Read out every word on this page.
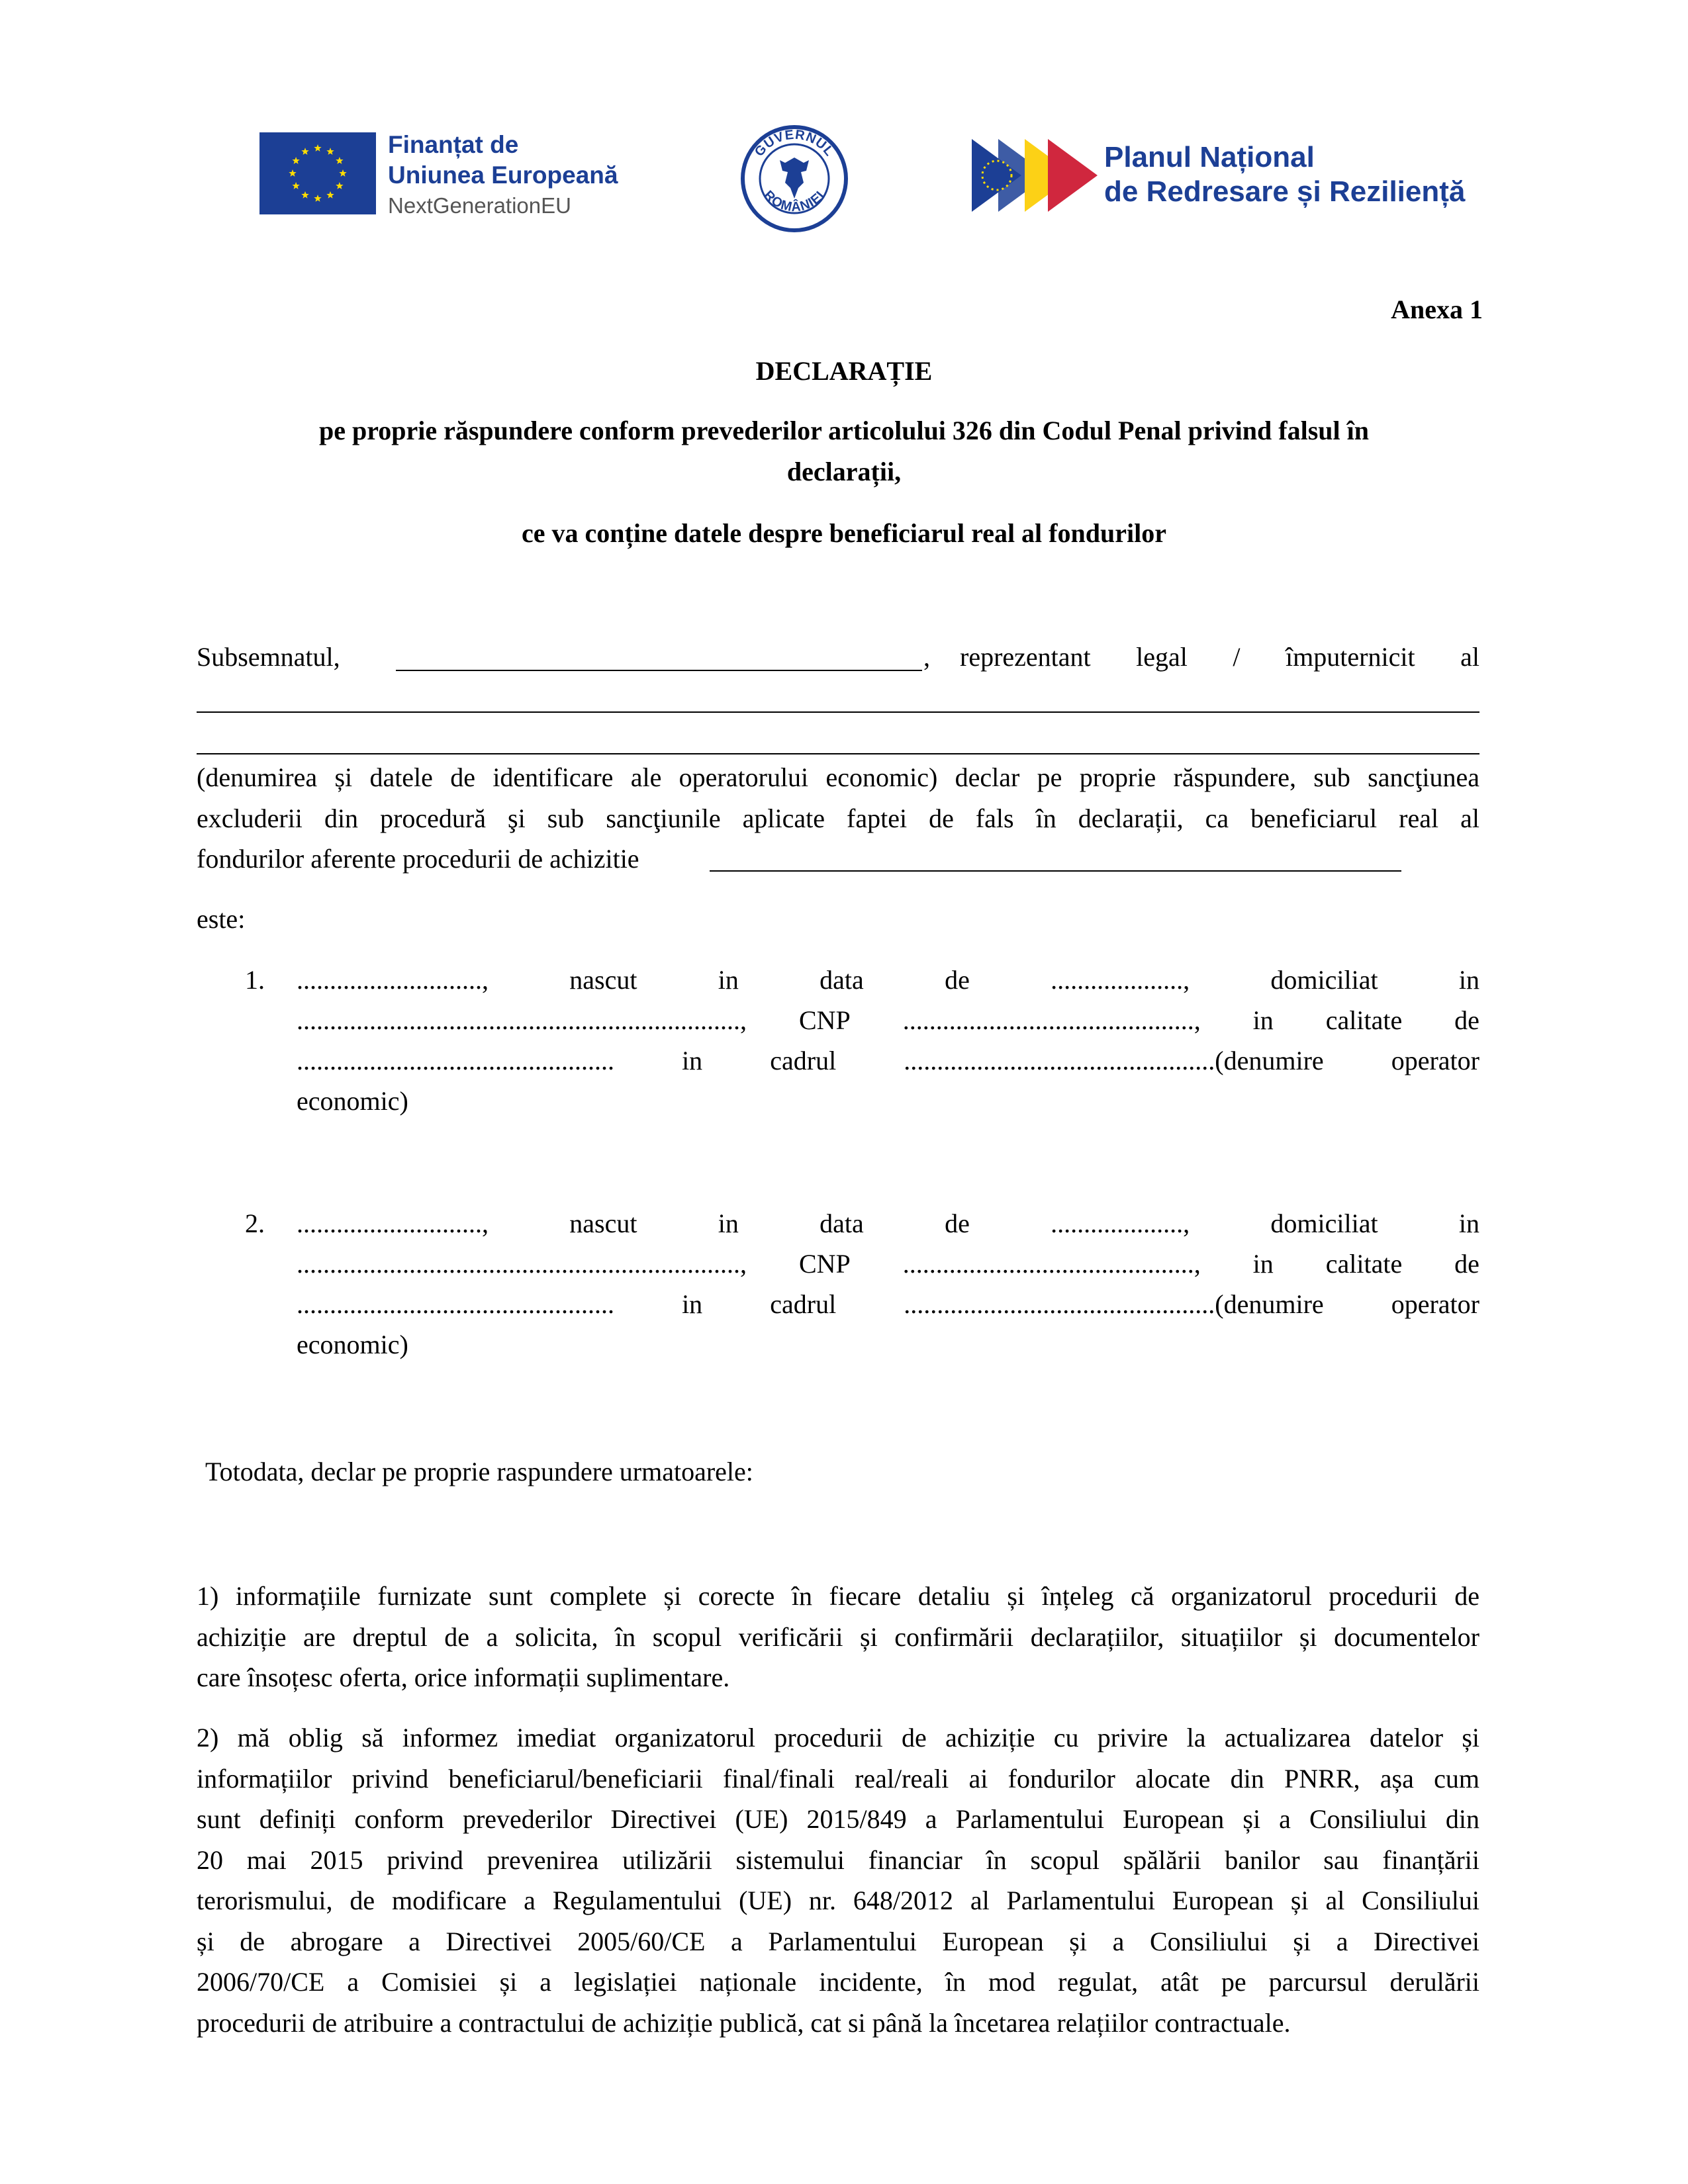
Finanțat de
Uniunea Europeană
NextGenerationEU
GUVERNUL
ROMÂNIEI
Planul Național
de Redresare și Reziliență
Anexa 1
DECLARAȚIE
pe proprie răspundere conform prevederilor articolului 326 din Codul Penal privind falsul în
declarații,
ce va conține datele despre beneficiarul real al fondurilor
Subsemnatul,	, reprezentant legal / împuternicit al
(denumirea și datele de identificare ale operatorului economic) declar pe proprie răspundere, sub sancţiunea
excluderii din procedură şi sub sancţiunile aplicate faptei de fals în declarații, ca beneficiarul real al
fondurilor aferente procedurii de achizitie
este:
1. ............................,	nascut	in	data	de	....................,	domiciliat	in
..................................................................., CNP ............................................, in calitate de
................................................	in	cadrul	...............................................(denumire	operator
economic)
2. ............................,	nascut	in	data	de	....................,	domiciliat	in
..................................................................., CNP ............................................, in calitate de
................................................	in	cadrul	...............................................(denumire	operator
economic)
Totodata, declar pe proprie raspundere urmatoarele:
1) informațiile furnizate sunt complete și corecte în fiecare detaliu și înțeleg că organizatorul procedurii de
achiziție are dreptul de a solicita, în scopul verificării și confirmării declarațiilor, situațiilor și documentelor
care însoțesc oferta, orice informații suplimentare.
2) mă oblig să informez imediat organizatorul procedurii de achiziție cu privire la actualizarea datelor și
informațiilor privind beneficiarul/beneficiarii final/finali real/reali ai fondurilor alocate din PNRR, așa cum
sunt definiți conform prevederilor Directivei (UE) 2015/849 a Parlamentului European și a Consiliului din
20 mai 2015 privind prevenirea utilizării sistemului financiar în scopul spălării banilor sau finanțării
terorismului, de modificare a Regulamentului (UE) nr. 648/2012 al Parlamentului European și al Consiliului
și de abrogare a Directivei 2005/60/CE a Parlamentului European și a Consiliului și a Directivei
2006/70/CE a Comisiei și a legislației naționale incidente, în mod regulat, atât pe parcursul derulării
procedurii de atribuire a contractului de achiziție publică, cat si până la încetarea relațiilor contractuale.
